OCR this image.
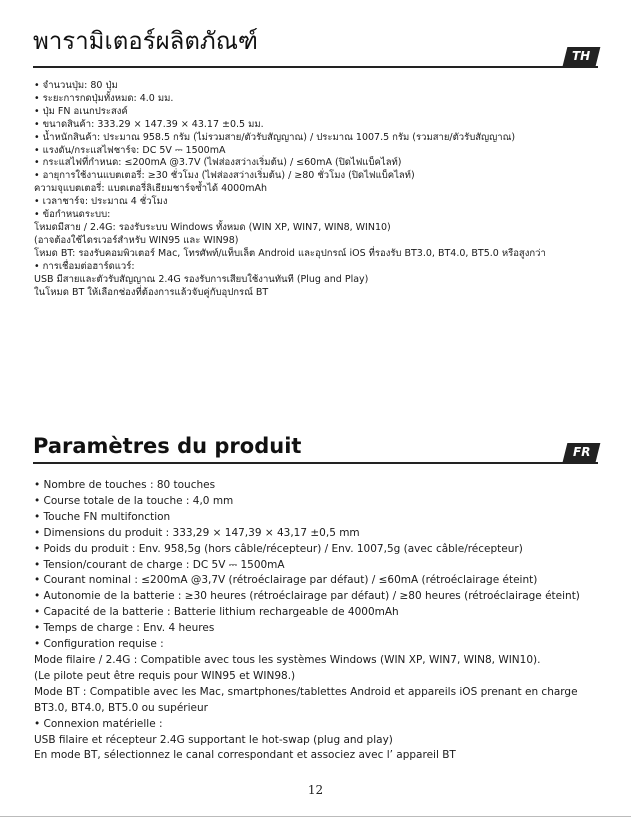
พารามิเตอร์ผลิตภัณฑ์
TH
• จำนวนปุ่ม: 80 ปุ่ม
• ระยะการกดปุ่มทั้งหมด: 4.0 มม.
• ปุ่ม FN อเนกประสงค์
• ขนาดสินค้า: 333.29 × 147.39 × 43.17 ±0.5 มม.
• น้ำหนักสินค้า: ประมาณ 958.5 กรัม (ไม่รวมสาย/ตัวรับสัญญาณ) / ประมาณ 1007.5 กรัม (รวมสาย/ตัวรับสัญญาณ)
• แรงดัน/กระแสไฟชาร์จ: DC 5V ⎓ 1500mA
• กระแสไฟที่กำหนด: ≤200mA @3.7V (ไฟส่องสว่างเริ่มต้น) / ≤60mA (ปิดไฟแบ็คไลท์)
• อายุการใช้งานแบตเตอรี่: ≥30 ชั่วโมง (ไฟส่องสว่างเริ่มต้น) / ≥80 ชั่วโมง (ปิดไฟแบ็คไลท์)
ความจุแบตเตอรี่: แบตเตอรี่ลิเธียมชาร์จซ้ำได้ 4000mAh
• เวลาชาร์จ: ประมาณ 4 ชั่วโมง
• ข้อกำหนดระบบ:
โหมดมีสาย / 2.4G: รองรับระบบ Windows ทั้งหมด (WIN XP, WIN7, WIN8, WIN10)
(อาจต้องใช้ไดรเวอร์สำหรับ WIN95 และ WIN98)
โหมด BT: รองรับคอมพิวเตอร์ Mac, โทรศัพท์/แท็บเล็ต Android และอุปกรณ์ iOS ที่รองรับ BT3.0, BT4.0, BT5.0 หรือสูงกว่า
• การเชื่อมต่อฮาร์ดแวร์:
USB มีสายและตัวรับสัญญาณ 2.4G รองรับการเสียบใช้งานทันที (Plug and Play)
ในโหมด BT ให้เลือกช่องที่ต้องการแล้วจับคู่กับอุปกรณ์ BT
Paramètres du produit	FR
• Nombre de touches : 80 touches
• Course totale de la touche : 4,0 mm
• Touche FN multifonction
• Dimensions du produit : 333,29 × 147,39 × 43,17 ±0,5 mm
• Poids du produit : Env. 958,5g (hors câble/récepteur) / Env. 1007,5g (avec câble/récepteur)
• Tension/courant de charge : DC 5V ⎓ 1500mA
• Courant nominal : ≤200mA @3,7V (rétroéclairage par défaut) / ≤60mA (rétroéclairage éteint)
• Autonomie de la batterie : ≥30 heures (rétroéclairage par défaut) / ≥80 heures (rétroéclairage éteint)
• Capacité de la batterie : Batterie lithium rechargeable de 4000mAh
• Temps de charge : Env. 4 heures
• Configuration requise :
Mode filaire / 2.4G : Compatible avec tous les systèmes Windows (WIN XP, WIN7, WIN8, WIN10).
(Le pilote peut être requis pour WIN95 et WIN98.)
Mode BT : Compatible avec les Mac, smartphones/tablettes Android et appareils iOS prenant en charge
BT3.0, BT4.0, BT5.0 ou supérieur
• Connexion matérielle :
USB filaire et récepteur 2.4G supportant le hot-swap (plug and play)
En mode BT, sélectionnez le canal correspondant et associez avec l’ appareil BT
12
